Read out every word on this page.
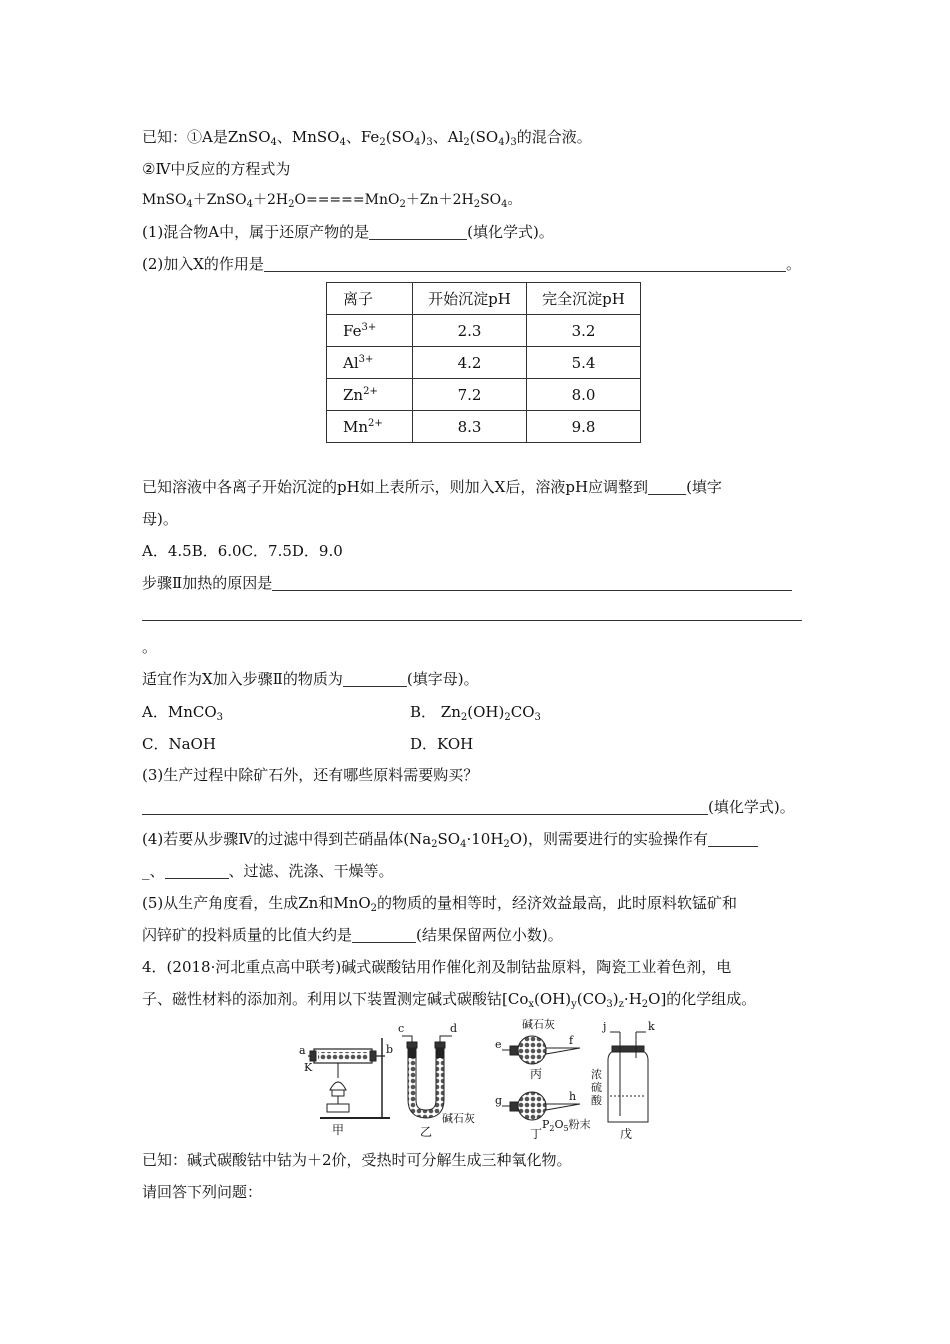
已知：①A是ZnSO$_4$、MnSO$_4$、$Fe_2(SO_4)_3$、$Al_2(SO_4)_3$的混合液。
②Ⅳ中反应的方程式为
$MnSO_4+ZnSO_4+2H_2O=====MnO_2+Zn+2H_2SO_4$。
(1)混合物A中，属于还原产物的是	(填化学式)。
(2)加入X的作用是	。
离子	开始沉淀pH	完全沉淀pH
$Fe^{3+}$	2.3	3.2
$Al^{3+}$	4.2	5.4
$Zn^{2+}$	7.2	8.0
$Mn^{2+}$	8.3	9.8
已知溶液中各离子开始沉淀的pH如上表所示，则加入X后，溶液pH应调整到	(填字
母)。
A．4.5B．6.0C．7.5D．9.0
步骤Ⅱ加热的原因是
。
适宜作为X加入步骤Ⅱ的物质为	(填字母)。
A．MnCO$_3$	B． $Zn_2(OH)_2CO_3$
C．NaOH	D．KOH
(3)生产过程中除矿石外，还有哪些原料需要购买？
(填化学式)。
(4)若要从步骤Ⅳ的过滤中得到芒硝晶体$(Na_2SO_4\cdot 10H_2O)$，则需要进行的实验操作有
_、	、过滤、洗涤、干燥等。
(5)从生产角度看，生成Zn和MnO$_2$的物质的量相等时，经济效益最高，此时原料软锰矿和
闪锌矿的投料质量的比值大约是	(结果保留两位小数)。
4．(2018·河北重点高中联考)碱式碳酸钴用作催化剂及制钴盐原料，陶瓷工业着色剂，电
子、磁性材料的添加剂。利用以下装置测定碱式碳酸钴$[Co_x(OH)_y(CO_3)_z\cdot H_2O]$的化学组成。
a
K
b
甲
c	d
碱石灰
乙
碱石灰
e	f
丙
g	h
$P_2O_5$粉末
丁
j	k
浓
硫
酸
戊
已知：碱式碳酸钴中钴为＋2价，受热时可分解生成三种氧化物。
请回答下列问题：
